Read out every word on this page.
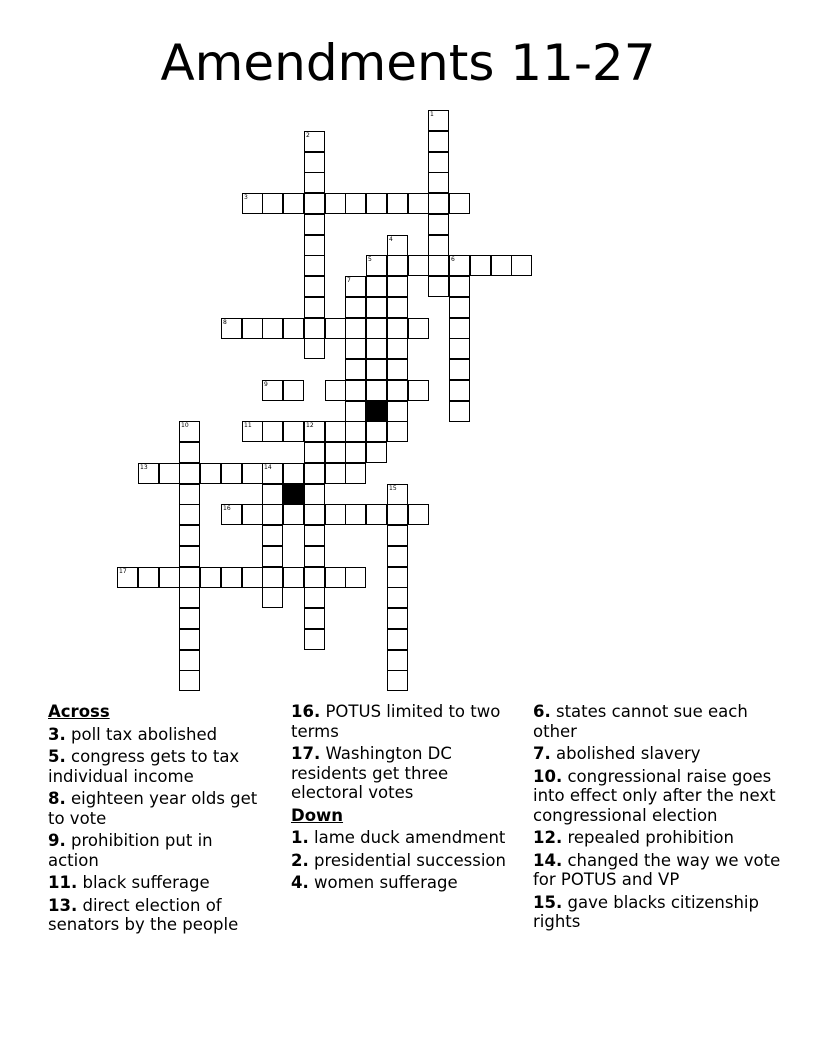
Amendments 11-27
1
2
3
4
5	6
7
8
9
10	11	12
13	14
15
16
17
Across
3. poll tax abolished
5. congress gets to tax individual income
8. eighteen year olds get to vote
9. prohibition put in action
11. black sufferage
13. direct election of senators by the people
16. POTUS limited to two terms
17. Washington DC residents get three electoral votes
Down
1. lame duck amendment
2. presidential succession
4. women sufferage
6. states cannot sue each other
7. abolished slavery
10. congressional raise goes into effect only after the next congressional election
12. repealed prohibition
14. changed the way we vote for POTUS and VP
15. gave blacks citizenship rights
